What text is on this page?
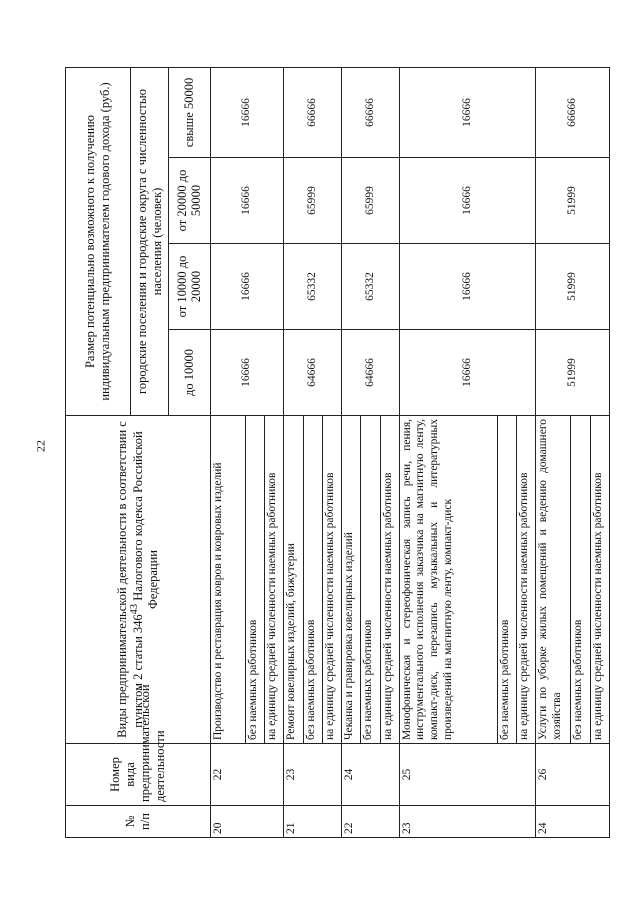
22
№ п/п	Номер вида предпринимательской деятельности	Виды предпринимательской деятельности в соответствии с пунктом 2 статьи $346^{43}$ Налогового кодекса Российской Федерации	Размер потенциально возможного к получению индивидуальным предпринимателем годового дохода (руб.)			
			городские поселения и городские округа с численностью населения (человек)			
			до 10000	от 10000 до 20000	от 20000 до 50000	свыше 50000
20	22	Производство и реставрация ковров и ковровых изделий	16666	16666	16666	16666
		без наемных работников				
		на единицу средней численности наемных работников				
21	23	Ремонт ювелирных изделий, бижутерии	64666	65332	65999	66666
		без наемных работников				
		на единицу средней численности наемных работников				
22	24	Чеканка и гравировка ювелирных изделий	64666	65332	65999	66666
		без наемных работников				
		на единицу средней численности наемных работников				
23	25	Монофоническая и стереофоническая запись речи, пения, инструментального исполнения заказчика на магнитную ленту, компакт-диск, перезапись музыкальных и литературных произведений на магнитную ленту, компакт-диск	16666	16666	16666	16666
		без наемных работников				
		на единицу средней численности наемных работников				
24	26	Услуги по уборке жилых помещений и ведению домашнего хозяйства	51999	51999	51999	66666
		без наемных работников				
		на единицу средней численности наемных работников				
